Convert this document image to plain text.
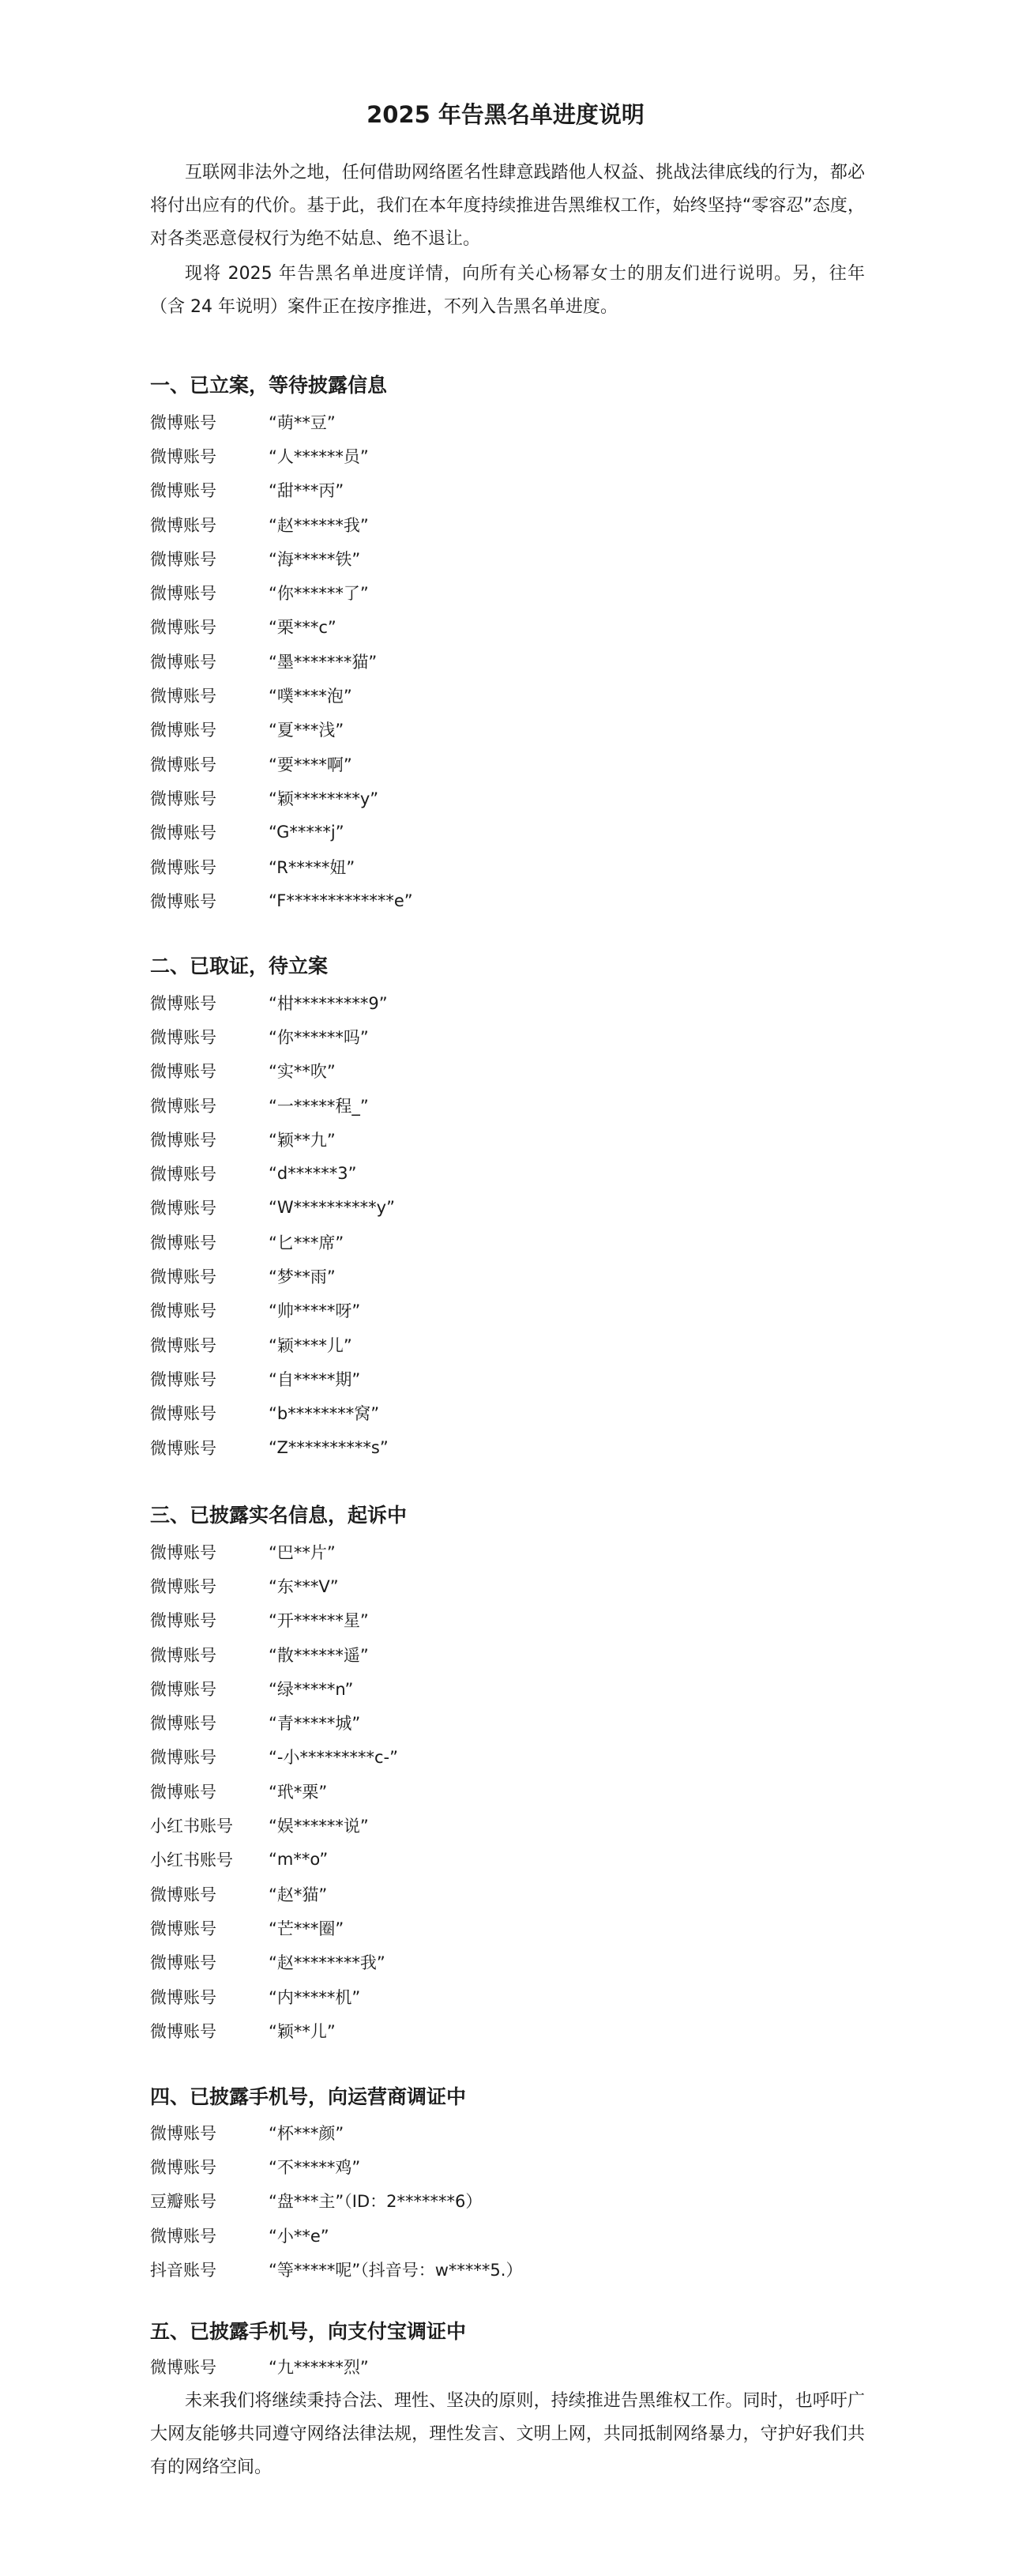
2025 年告黑名单进度说明

互联网非法外之地，任何借助网络匿名性肆意践踏他人权益、挑战法律底线的行为，都必将付出应有的代价。基于此，我们在本年度持续推进告黑维权工作，始终坚持“零容忍”态度，对各类恶意侵权行为绝不姑息、绝不退让。

现将 2025 年告黑名单进度详情，向所有关心杨幂女士的朋友们进行说明。另，往年（含 24 年说明）案件正在按序推进，不列入告黑名单进度。

一、已立案，等待披露信息
微博账号	“萌**豆”
微博账号	“人******员”
微博账号	“甜***丙”
微博账号	“赵******我”
微博账号	“海*****铁”
微博账号	“你******了”
微博账号	“栗***c”
微博账号	“墨*******猫”
微博账号	“噗****泡”
微博账号	“夏***浅”
微博账号	“要****啊”
微博账号	“颖********y”
微博账号	“G*****j”
微博账号	“R*****妞”
微博账号	“F*************e”
二、已取证，待立案
微博账号	“柑*********9”
微博账号	“你******吗”
微博账号	“实**吹”
微博账号	“一*****程_”
微博账号	“颖**九”
微博账号	“d******3”
微博账号	“W**********y”
微博账号	“匕***席”
微博账号	“梦**雨”
微博账号	“帅*****呀”
微博账号	“颖****儿”
微博账号	“自*****期”
微博账号	“b********窝”
微博账号	“Z**********s”
三、已披露实名信息，起诉中
微博账号	“巴**片”
微博账号	“东***V”
微博账号	“开******星”
微博账号	“散******遥”
微博账号	“绿*****n”
微博账号	“青*****城”
微博账号	“-小*********c-”
微博账号	“玳*栗”
小红书账号	“娱******说”
小红书账号	“m**o”
微博账号	“赵*猫”
微博账号	“芒***圈”
微博账号	“赵********我”
微博账号	“内*****机”
微博账号	“颖**儿”
四、已披露手机号，向运营商调证中
微博账号	“杯***颜”
微博账号	“不*****鸡”
豆瓣账号	“盘***主”（ID：2*******6）
微博账号	“小**e”
抖音账号	“等*****呢”（抖音号：w*****5.）
五、已披露手机号，向支付宝调证中
微博账号	“九******烈”

未来我们将继续秉持合法、理性、坚决的原则，持续推进告黑维权工作。同时，也呼吁广大网友能够共同遵守网络法律法规，理性发言、文明上网，共同抵制网络暴力，守护好我们共有的网络空间。
